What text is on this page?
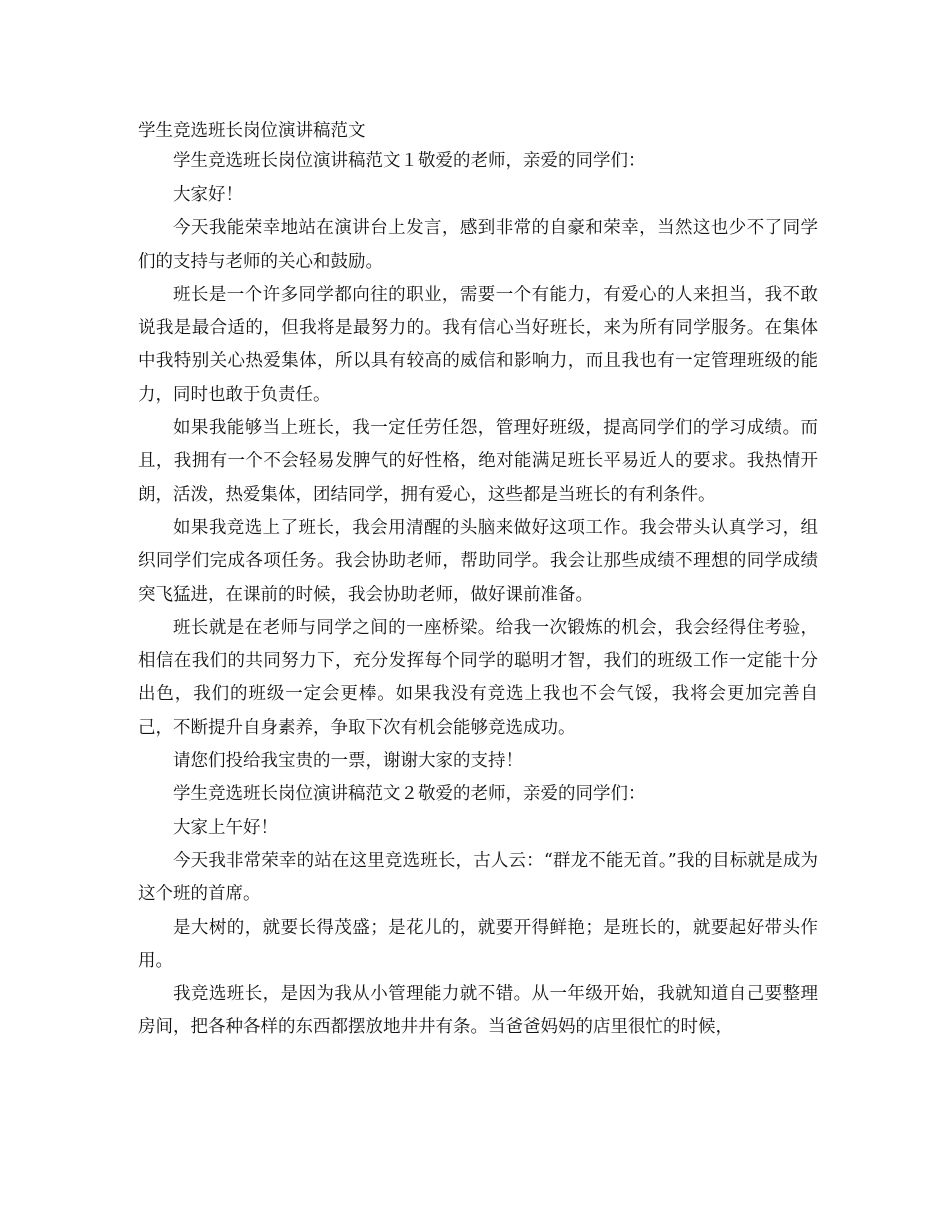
学生竞选班长岗位演讲稿范文

学生竞选班长岗位演讲稿范文１敬爱的老师，亲爱的同学们：

大家好！

今天我能荣幸地站在演讲台上发言，感到非常的自豪和荣幸，当然这也少不了同学们的支持与老师的关心和鼓励。

班长是一个许多同学都向往的职业，需要一个有能力，有爱心的人来担当，我不敢说我是最合适的，但我将是最努力的。我有信心当好班长，来为所有同学服务。在集体中我特别关心热爱集体，所以具有较高的威信和影响力，而且我也有一定管理班级的能力，同时也敢于负责任。

如果我能够当上班长，我一定任劳任怨，管理好班级，提高同学们的学习成绩。而且，我拥有一个不会轻易发脾气的好性格，绝对能满足班长平易近人的要求。我热情开朗，活泼，热爱集体，团结同学，拥有爱心，这些都是当班长的有利条件。

如果我竞选上了班长，我会用清醒的头脑来做好这项工作。我会带头认真学习，组织同学们完成各项任务。我会协助老师，帮助同学。我会让那些成绩不理想的同学成绩突飞猛进，在课前的时候，我会协助老师，做好课前准备。

班长就是在老师与同学之间的一座桥梁。给我一次锻炼的机会，我会经得住考验，相信在我们的共同努力下，充分发挥每个同学的聪明才智，我们的班级工作一定能十分出色，我们的班级一定会更棒。如果我没有竞选上我也不会气馁，我将会更加完善自己，不断提升自身素养，争取下次有机会能够竞选成功。

请您们投给我宝贵的一票，谢谢大家的支持！

学生竞选班长岗位演讲稿范文２敬爱的老师，亲爱的同学们：

大家上午好！

今天我非常荣幸的站在这里竞选班长，古人云：“群龙不能无首。”我的目标就是成为这个班的首席。

是大树的，就要长得茂盛；是花儿的，就要开得鲜艳；是班长的，就要起好带头作用。

我竞选班长，是因为我从小管理能力就不错。从一年级开始，我就知道自己要整理房间，把各种各样的东西都摆放地井井有条。当爸爸妈妈的店里很忙的时候，
